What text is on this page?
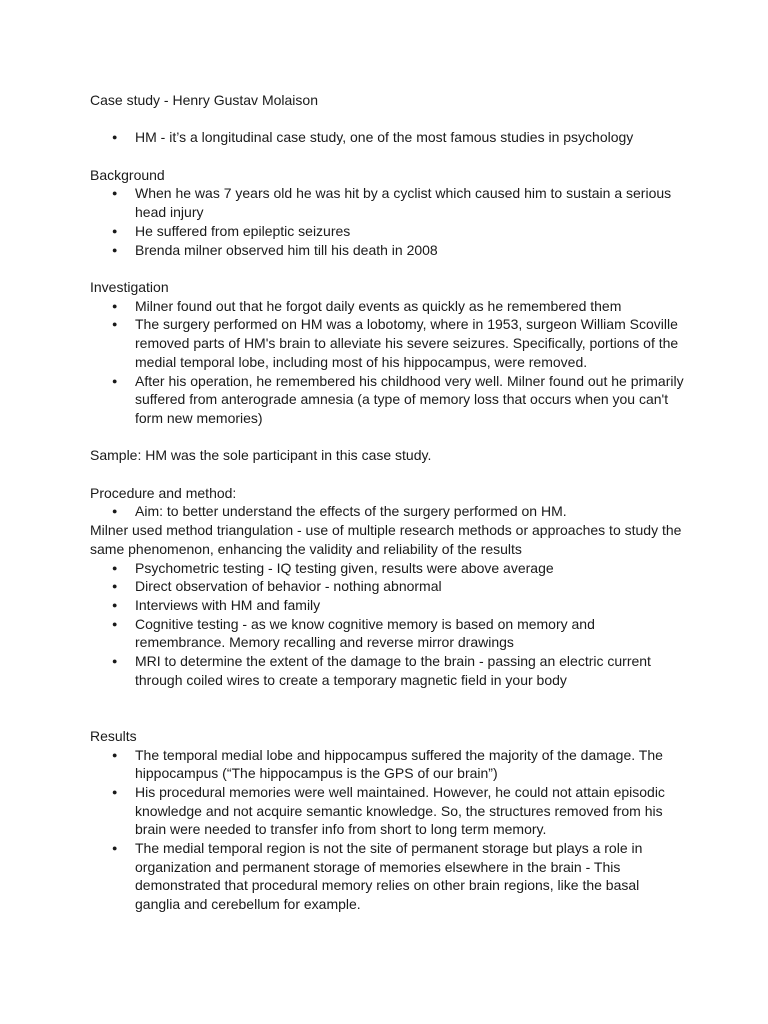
Case study - Henry Gustav Molaison

● HM - it’s a longitudinal case study, one of the most famous studies in psychology

Background

● When he was 7 years old he was hit by a cyclist which caused him to sustain a serious head injury
● He suffered from epileptic seizures
● Brenda milner observed him till his death in 2008

Investigation

● Milner found out that he forgot daily events as quickly as he remembered them
● The surgery performed on HM was a lobotomy, where in 1953, surgeon William Scoville removed parts of HM's brain to alleviate his severe seizures. Specifically, portions of the medial temporal lobe, including most of his hippocampus, were removed.
● After his operation, he remembered his childhood very well. Milner found out he primarily suffered from anterograde amnesia (a type of memory loss that occurs when you can't form new memories)

Sample: HM was the sole participant in this case study.

Procedure and method:

● Aim: to better understand the effects of the surgery performed on HM.

Milner used method triangulation - use of multiple research methods or approaches to study the same phenomenon, enhancing the validity and reliability of the results

● Psychometric testing - IQ testing given, results were above average
● Direct observation of behavior - nothing abnormal
● Interviews with HM and family
● Cognitive testing - as we know cognitive memory is based on memory and remembrance. Memory recalling and reverse mirror drawings
● MRI to determine the extent of the damage to the brain - passing an electric current through coiled wires to create a temporary magnetic field in your body

Results

● The temporal medial lobe and hippocampus suffered the majority of the damage. The hippocampus (“The hippocampus is the GPS of our brain”)
● His procedural memories were well maintained. However, he could not attain episodic knowledge and not acquire semantic knowledge. So, the structures removed from his brain were needed to transfer info from short to long term memory.
● The medial temporal region is not the site of permanent storage but plays a role in organization and permanent storage of memories elsewhere in the brain - This demonstrated that procedural memory relies on other brain regions, like the basal ganglia and cerebellum for example.
